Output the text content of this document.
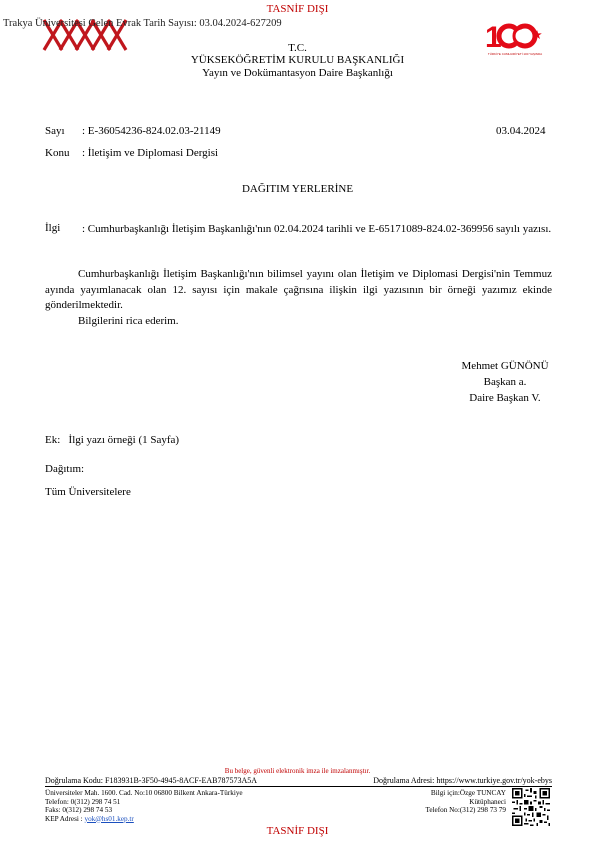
TASNİF DIŞI
Trakya Üniversitesi Gelen Evrak Tarih Sayısı: 03.04.2024-627209	1
TÜRKİYE CUMHURİYETİ 100 YAŞINDA
T.C.
YÜKSEKÖĞRETİM KURULU BAŞKANLIĞI
Yayın ve Dokümantasyon Daire Başkanlığı
Sayı : E-36054236-824.02.03-21149	03.04.2024
Konu : İletişim ve Diplomasi Dergisi
DAĞITIM YERLERİNE
İlgi : Cumhurbaşkanlığı İletişim Başkanlığı'nın 02.04.2024 tarihli ve E-65171089-824.02-369956 sayılı yazısı.

Cumhurbaşkanlığı İletişim Başkanlığı'nın bilimsel yayını olan İletişim ve Diplomasi Dergisi'nin Temmuz ayında yayımlanacak olan 12. sayısı için makale çağrısına ilişkin ilgi yazısının bir örneği yazımız ekinde gönderilmektedir.

Bilgilerini rica ederim.

Mehmet GÜNÖNÜ
Başkan a.
Daire Başkan V.
Ek:   İlgi yazı örneği (1 Sayfa)
Dağıtım:
Tüm Üniversitelere
Bu belge, güvenli elektronik imza ile imzalanmıştır.
Doğrulama Kodu: F183931B-3F50-4945-8ACF-EAB787573A5A	Doğrulama Adresi: https://www.turkiye.gov.tr/yok-ebys
Üniversiteler Mah. 1600. Cad. No:10 06800 Bilkent Ankara-Türkiye
Telefon: 0(312) 298 74 51
Faks: 0(312) 298 74 53
KEP Adresi : yok@hs01.kep.tr
Bilgi için:Özge TUNCAY
Kütüphaneci
Telefon No:(312) 298 73 79
TASNİF DIŞI
